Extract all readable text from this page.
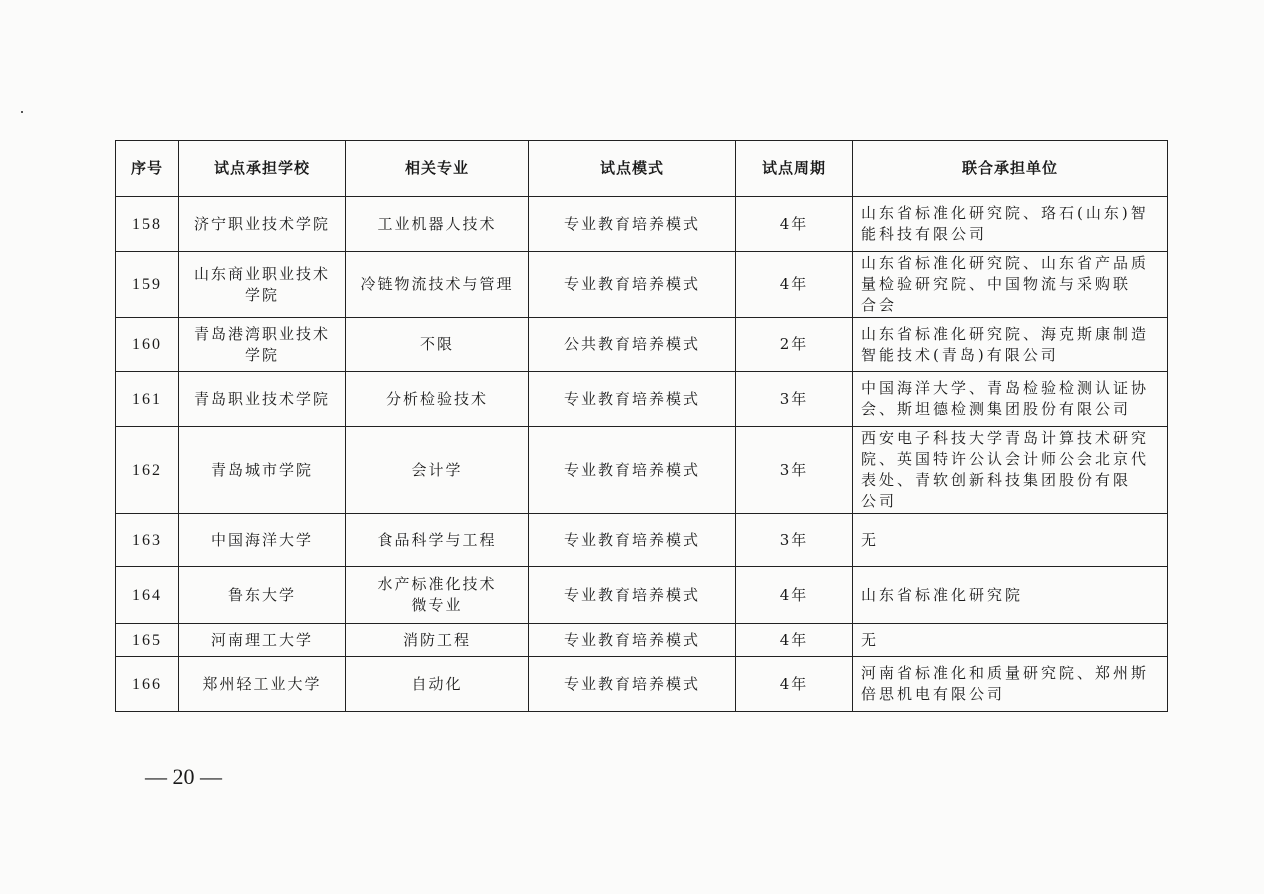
序号	试点承担学校	相关专业	试点模式	试点周期	联合承担单位
158	济宁职业技术学院	工业机器人技术	专业教育培养模式	4年	山东省标准化研究院、珞石(山东)智
能科技有限公司
159	山东商业职业技术
学院	冷链物流技术与管理	专业教育培养模式	4年	山东省标准化研究院、山东省产品质
量检验研究院、中国物流与采购联
合会
160	青岛港湾职业技术
学院	不限	公共教育培养模式	2年	山东省标准化研究院、海克斯康制造
智能技术(青岛)有限公司
161	青岛职业技术学院	分析检验技术	专业教育培养模式	3年	中国海洋大学、青岛检验检测认证协
会、斯坦德检测集团股份有限公司
162	青岛城市学院	会计学	专业教育培养模式	3年	西安电子科技大学青岛计算技术研究
院、英国特许公认会计师公会北京代
表处、青软创新科技集团股份有限
公司
163	中国海洋大学	食品科学与工程	专业教育培养模式	3年	无
164	鲁东大学	水产标准化技术
微专业	专业教育培养模式	4年	山东省标准化研究院
165	河南理工大学	消防工程	专业教育培养模式	4年	无
166	郑州轻工业大学	自动化	专业教育培养模式	4年	河南省标准化和质量研究院、郑州斯
倍思机电有限公司
— 20 —
